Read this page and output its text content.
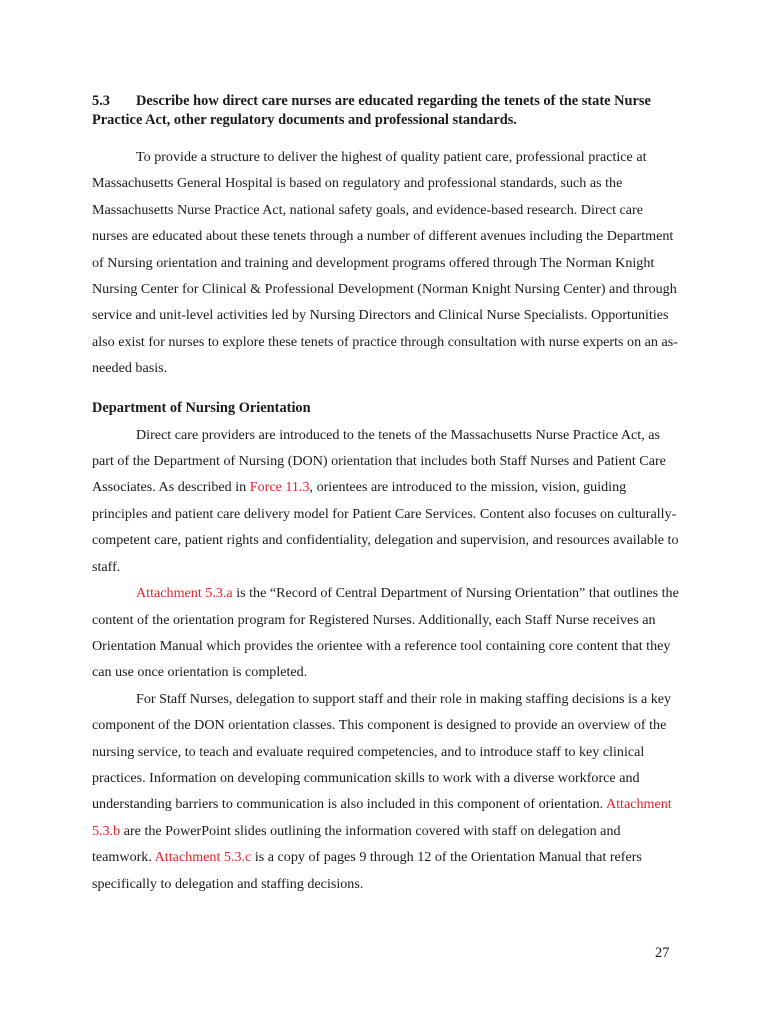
5.3 Describe how direct care nurses are educated regarding the tenets of the state Nurse Practice Act, other regulatory documents and professional standards.

To provide a structure to deliver the highest of quality patient care, professional practice at Massachusetts General Hospital is based on regulatory and professional standards, such as the Massachusetts Nurse Practice Act, national safety goals, and evidence-based research. Direct care nurses are educated about these tenets through a number of different avenues including the Department of Nursing orientation and training and development programs offered through The Norman Knight Nursing Center for Clinical & Professional Development (Norman Knight Nursing Center) and through service and unit-level activities led by Nursing Directors and Clinical Nurse Specialists. Opportunities also exist for nurses to explore these tenets of practice through consultation with nurse experts on an as-needed basis.

Department of Nursing Orientation

Direct care providers are introduced to the tenets of the Massachusetts Nurse Practice Act, as part of the Department of Nursing (DON) orientation that includes both Staff Nurses and Patient Care Associates. As described in Force 11.3, orientees are introduced to the mission, vision, guiding principles and patient care delivery model for Patient Care Services. Content also focuses on culturally-competent care, patient rights and confidentiality, delegation and supervision, and resources available to staff.

Attachment 5.3.a is the “Record of Central Department of Nursing Orientation” that outlines the content of the orientation program for Registered Nurses. Additionally, each Staff Nurse receives an Orientation Manual which provides the orientee with a reference tool containing core content that they can use once orientation is completed.

For Staff Nurses, delegation to support staff and their role in making staffing decisions is a key component of the DON orientation classes. This component is designed to provide an overview of the nursing service, to teach and evaluate required competencies, and to introduce staff to key clinical practices. Information on developing communication skills to work with a diverse workforce and understanding barriers to communication is also included in this component of orientation. Attachment 5.3.b are the PowerPoint slides outlining the information covered with staff on delegation and teamwork. Attachment 5.3.c is a copy of pages 9 through 12 of the Orientation Manual that refers specifically to delegation and staffing decisions.

27
